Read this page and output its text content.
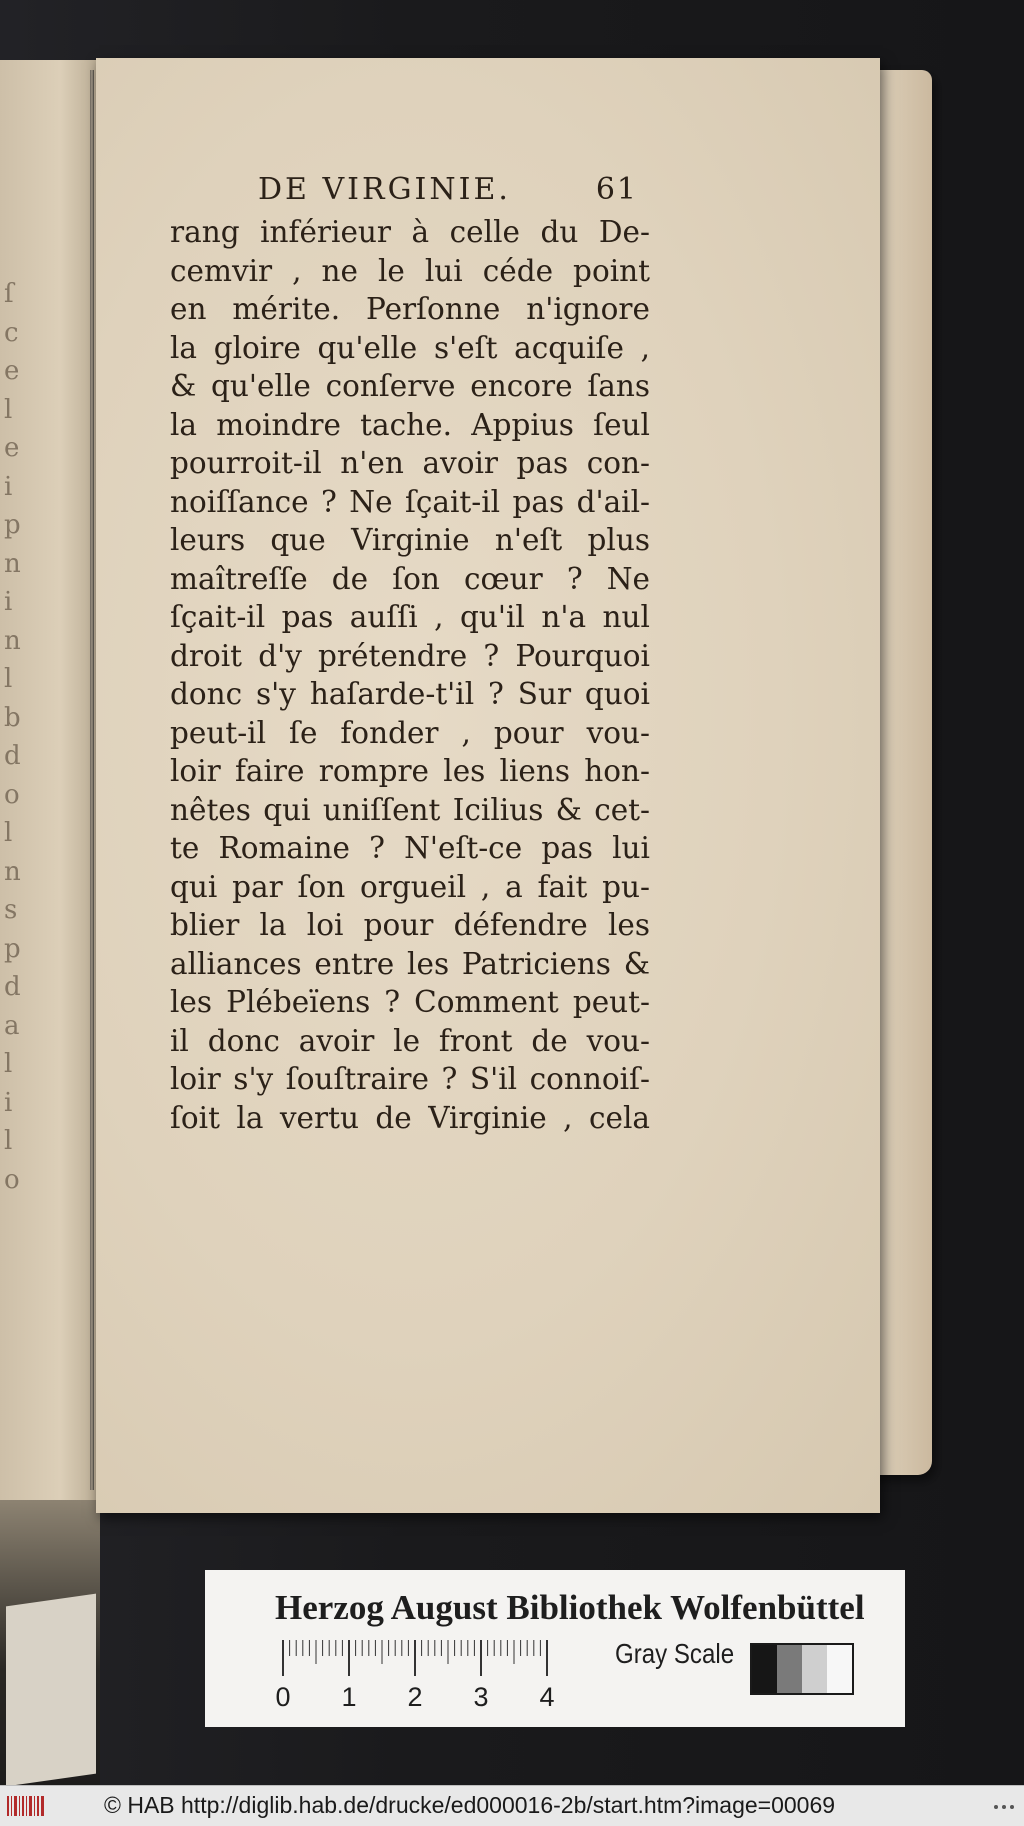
ſ
c
e
l
e
i
p
n
i
n
l
b
d
o
l
n
s
p
d
a
l
i
l
o
DE VIRGINIE.	61
rang inférieur à celle du De-
cemvir , ne le lui céde point
en mérite. Perſonne n'ignore
la gloire qu'elle s'eſt acquiſe ,
& qu'elle conſerve encore ſans
la moindre tache. Appius ſeul
pourroit-il n'en avoir pas con-
noiſſance ? Ne ſçait-il pas d'ail-
leurs que Virginie n'eſt plus
maîtreſſe de ſon cœur ? Ne
ſçait-il pas auſſi , qu'il n'a nul
droit d'y prétendre ? Pourquoi
donc s'y haſarde-t'il ? Sur quoi
peut-il ſe fonder , pour vou-
loir faire rompre les liens hon-
nêtes qui uniſſent Icilius & cet-
te Romaine ? N'eſt-ce pas lui
qui par ſon orgueil , a fait pu-
blier la loi pour défendre les
alliances entre les Patriciens &
les Plébeïens ? Comment peut-
il donc avoir le front de vou-
loir s'y ſouſtraire ? S'il connoiſ-
ſoit la vertu de Virginie , cela
Herzog August Bibliothek Wolfenbüttel
0 1 2 3 4
Gray Scale
© HAB http://diglib.hab.de/drucke/ed000016-2b/start.htm?image=00069
